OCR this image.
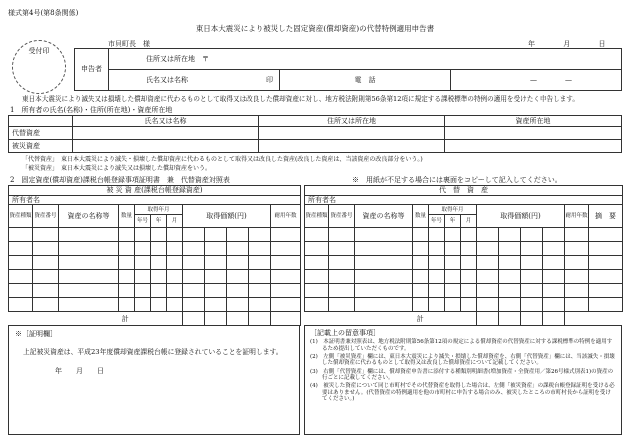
様式第4号(第8条関係)
東日本大震災により被災した固定資産(償却資産)の代替特例適用申告書
受付印
市貝町長　様	年	月	日
申告者	住所又は所在地　〒		
	氏名又は名称 印	電　話	— —
東日本大震災により滅失又は損壊した償却資産に代わるものとして取得又は改良した償却資産に対し、地方税法附則第56条第12項に規定する課税標準の特例の適用を受けたく申告します。
1　所有者の氏名(名称)・住所(所在地)・資産所在地
	氏名又は名称	住所又は所在地	資産所在地
代替資産			
被災資産			
「代替資産」　東日本大震災により滅失・損壊した償却資産に代わるものとして取得又は改良した資産(改良した資産は、当該資産の改良部分をいう。)
「被災資産」　東日本大震災により滅失又は損壊した償却資産をいう。
2　固定資産(償却資産)課税台帳登録事項証明書　兼　代替資産対照表	※　用紙が不足する場合には裏面をコピーして記入してください。
被 災 資 産(課税台帳登録資産)											
所有者名											
資産種類	資産番号	資産の名称等	数量	取得年月			取得価額(円)				耐用年数
				年号	年	月					

計											
代　替　資　産												
所有者名												
資産種類	資産番号	資産の名称等	数量	取得年月			取得価額(円)				耐用年数	摘　要
				年号	年	月						

計												
※［証明欄］
上記被災資産は、平成23年度償却資産課税台帳に登録されていることを証明します。
年　　月　　日
［記載上の留意事項］
(1)　本証明書兼対照表は、地方税法附則第56条第12項の規定による償却資産の代替資産に対する課税標準の特例を適用するため提出していただくものです。
(2)　左側「被災資産」欄には、東日本大震災により滅失・損壊した償却資産を、右側「代替資産」欄には、当該滅失・損壊した償却資産に代わるものとして取得又は改良した償却資産について記載してください。
(3)　右側「代替資産」欄には、償却資産申告書に添付する種類別明細書(増加資産・全資産用／第26号様式別表1)の資産の行ごとに記載してください。
(4)　被災した資産について同じ市町村でその代替資産を取得した場合は、左側「被災資産」の課税台帳登録証明を受ける必要はありません。(代替資産の特例適用を他の市町村に申告する場合のみ、被災したところの市町村長から証明を受けてください。)
